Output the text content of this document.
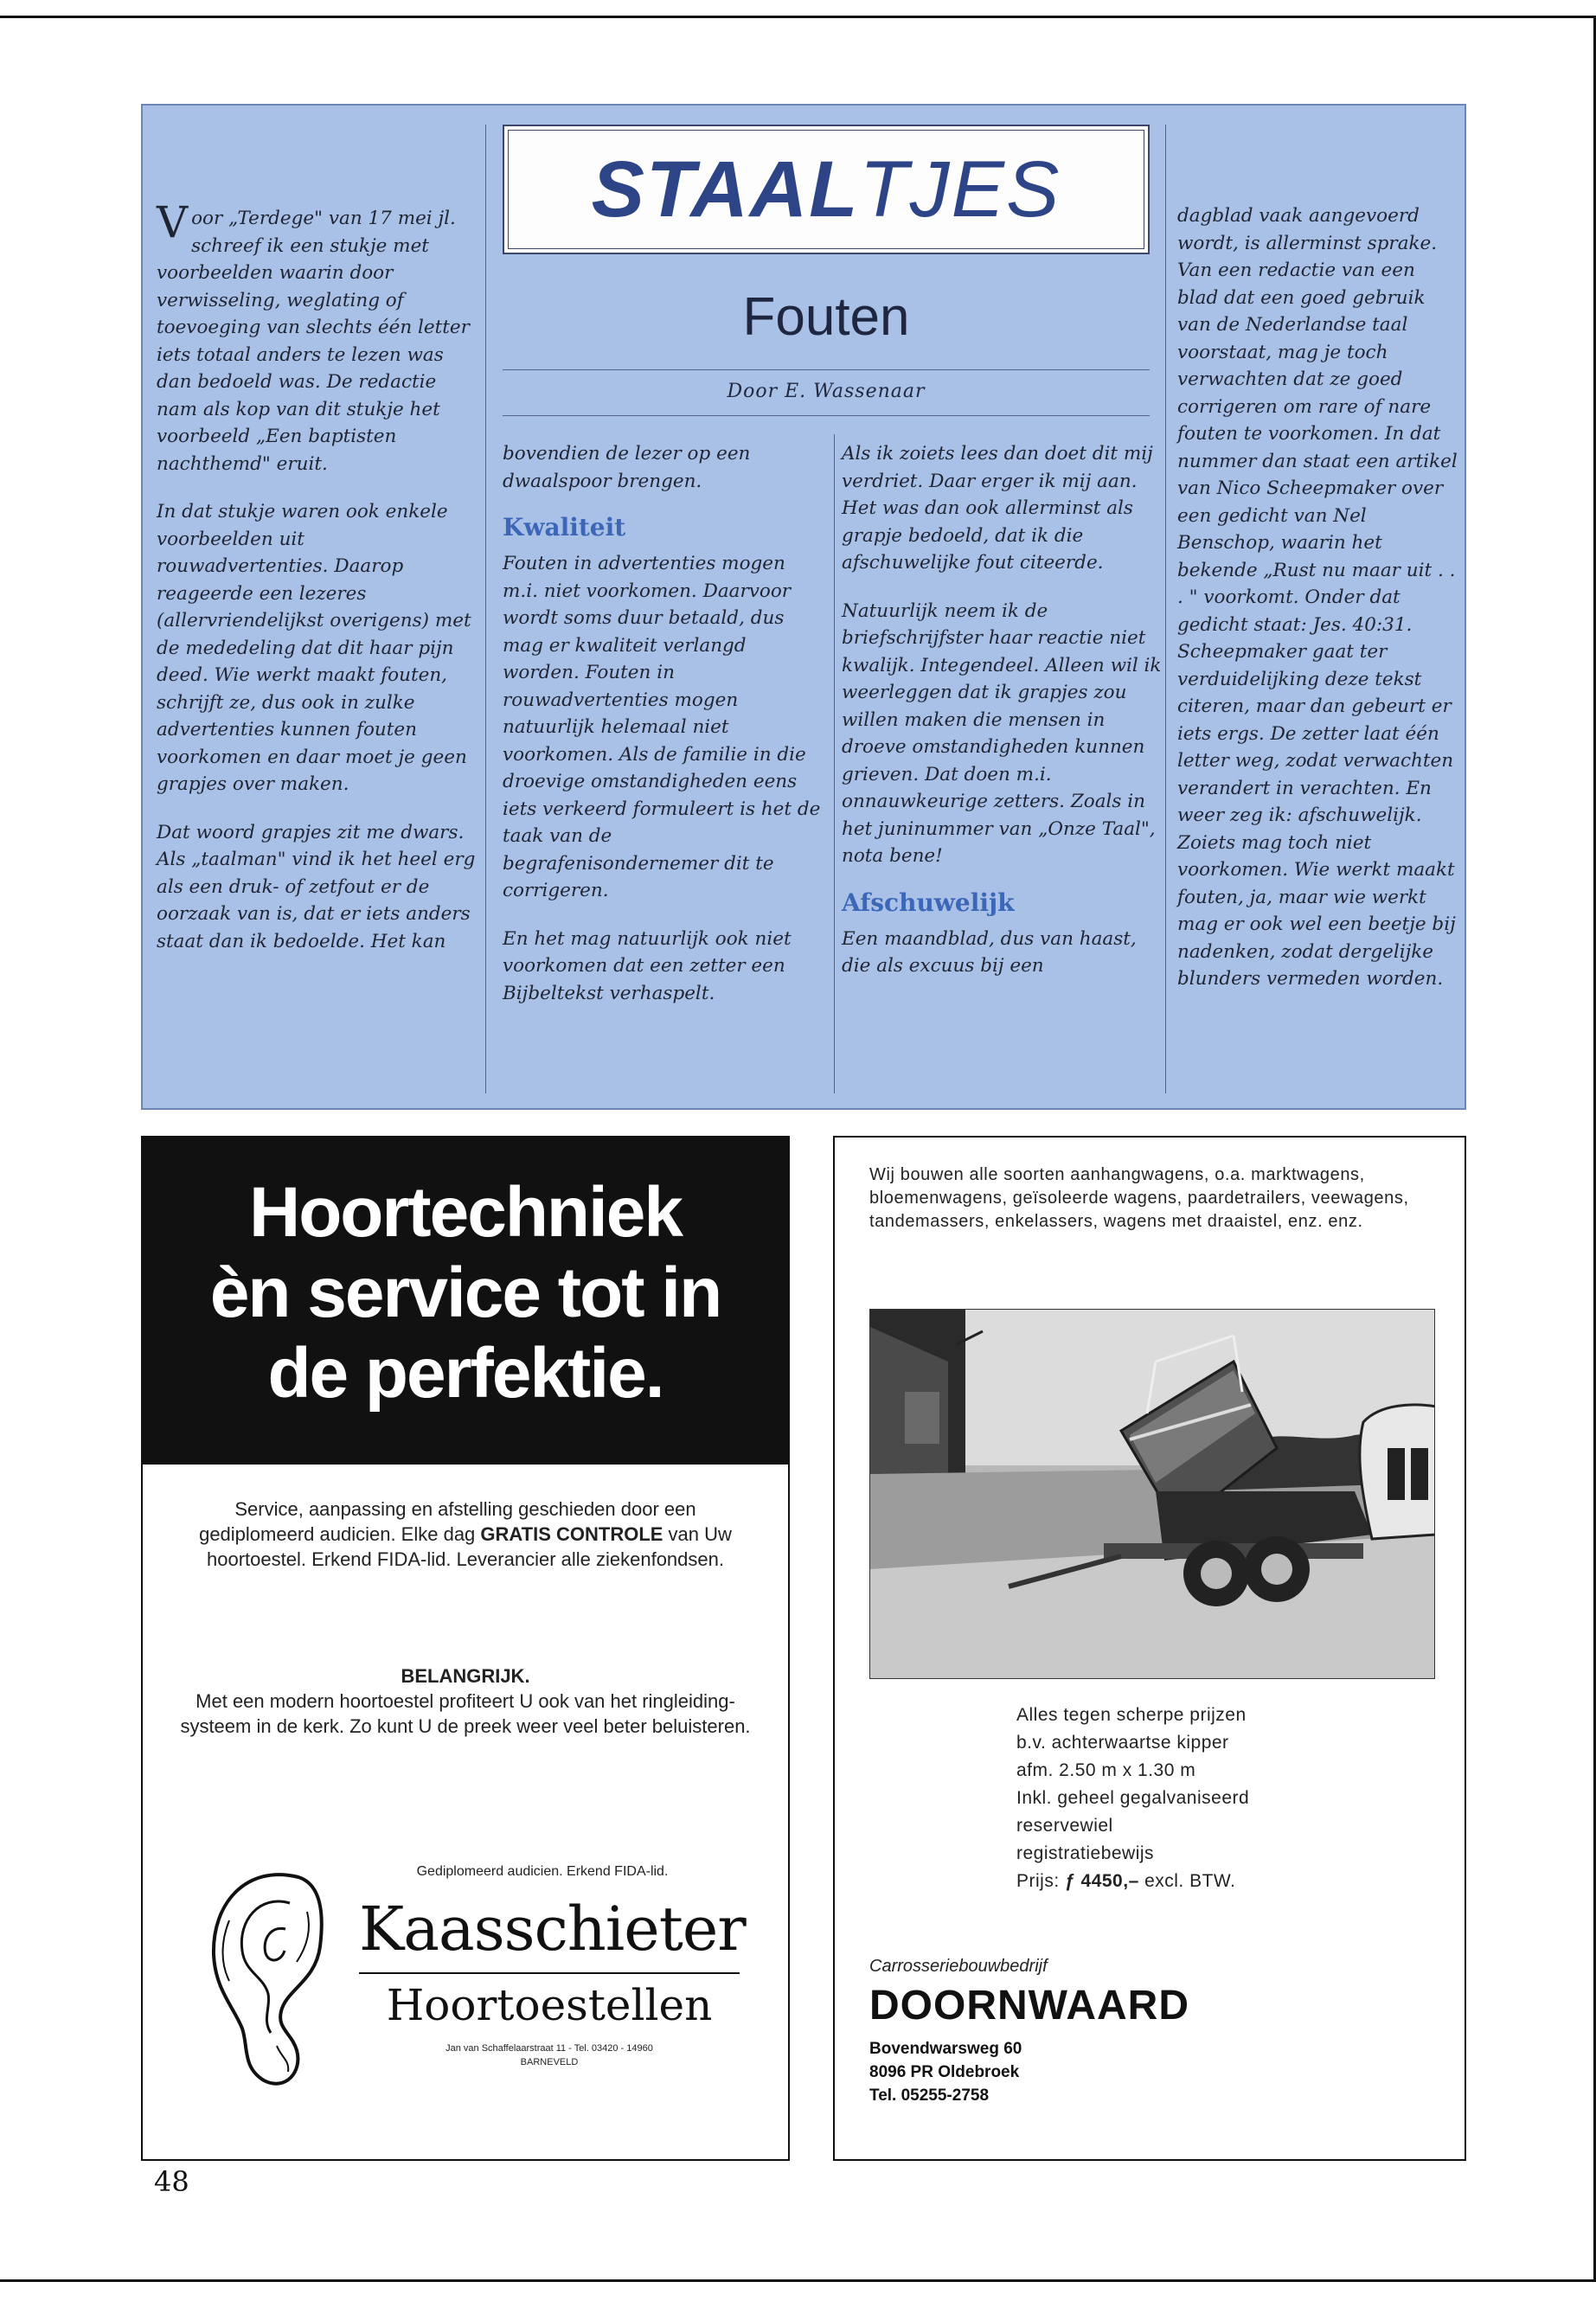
STAALTJES
Fouten
Door E. Wassenaar

Voor „Terdege" van 17 mei jl. schreef ik een stukje met voorbeelden waarin door verwisseling, weglating of toevoeging van slechts één letter iets totaal anders te lezen was dan bedoeld was. De redactie nam als kop van dit stukje het voorbeeld „Een baptisten nachthemd" eruit.

In dat stukje waren ook enkele voorbeelden uit rouwadvertenties. Daarop reageerde een lezeres (allervriendelijkst overigens) met de mededeling dat dit haar pijn deed. Wie werkt maakt fouten, schrijft ze, dus ook in zulke advertenties kunnen fouten voorkomen en daar moet je geen grapjes over maken.

Dat woord grapjes zit me dwars. Als „taalman" vind ik het heel erg als een druk- of zetfout er de oorzaak van is, dat er iets anders staat dan ik bedoelde. Het kan

bovendien de lezer op een dwaalspoor brengen.

Kwaliteit

Fouten in advertenties mogen m.i. niet voorkomen. Daarvoor wordt soms duur betaald, dus mag er kwaliteit verlangd worden. Fouten in rouwadvertenties mogen natuurlijk helemaal niet voorkomen. Als de familie in die droevige omstandigheden eens iets verkeerd formuleert is het de taak van de begrafenisondernemer dit te corrigeren.

En het mag natuurlijk ook niet voorkomen dat een zetter een Bijbeltekst verhaspelt.

Als ik zoiets lees dan doet dit mij verdriet. Daar erger ik mij aan. Het was dan ook allerminst als grapje bedoeld, dat ik die afschuwelijke fout citeerde.

Natuurlijk neem ik de briefschrijfster haar reactie niet kwalijk. Integendeel. Alleen wil ik weerleggen dat ik grapjes zou willen maken die mensen in droeve omstandigheden kunnen grieven. Dat doen m.i. onnauwkeurige zetters. Zoals in het juninummer van „Onze Taal", nota bene!

Afschuwelijk

Een maandblad, dus van haast, die als excuus bij een

dagblad vaak aangevoerd wordt, is allerminst sprake. Van een redactie van een blad dat een goed gebruik van de Nederlandse taal voorstaat, mag je toch verwachten dat ze goed corrigeren om rare of nare fouten te voorkomen. In dat nummer dan staat een artikel van Nico Scheepmaker over een gedicht van Nel Benschop, waarin het bekende „Rust nu maar uit . . . " voorkomt. Onder dat gedicht staat: Jes. 40:31.

Scheepmaker gaat ter verduidelijking deze tekst citeren, maar dan gebeurt er iets ergs. De zetter laat één letter weg, zodat verwachten verandert in verachten. En weer zeg ik: afschuwelijk. Zoiets mag toch niet voorkomen. Wie werkt maakt fouten, ja, maar wie werkt mag er ook wel een beetje bij nadenken, zodat dergelijke blunders vermeden worden.

Hoortechniek
èn service tot in
de perfektie.
Service, aanpassing en afstelling geschieden door een gediplomeerd audicien. Elke dag GRATIS CONTROLE van Uw hoortoestel. Erkend FIDA-lid. Leverancier alle ziekenfondsen.
BELANGRIJK.
Met een modern hoortoestel profiteert U ook van het ringleiding-systeem in de kerk. Zo kunt U de preek weer veel beter beluisteren.
Gediplomeerd audicien. Erkend FIDA-lid.
Kaasschieter
Hoortoestellen
Jan van Schaffelaarstraat 11 - Tel. 03420 - 14960
BARNEVELD
Wij bouwen alle soorten aanhangwagens, o.a. marktwagens, bloemenwagens, geïsoleerde wagens, paardetrailers, veewagens, tandemassers, enkelassers, wagens met draaistel, enz. enz.
Alles tegen scherpe prijzen
b.v. achterwaartse kipper
afm. 2.50 m x 1.30 m
Inkl. geheel gegalvaniseerd
reservewiel
registratiebewijs
Prijs: ƒ 4450,– excl. BTW.
Carrosseriebouwbedrijf
DOORNWAARD
Bovendwarsweg 60
8096 PR Oldebroek
Tel. 05255-2758
48
